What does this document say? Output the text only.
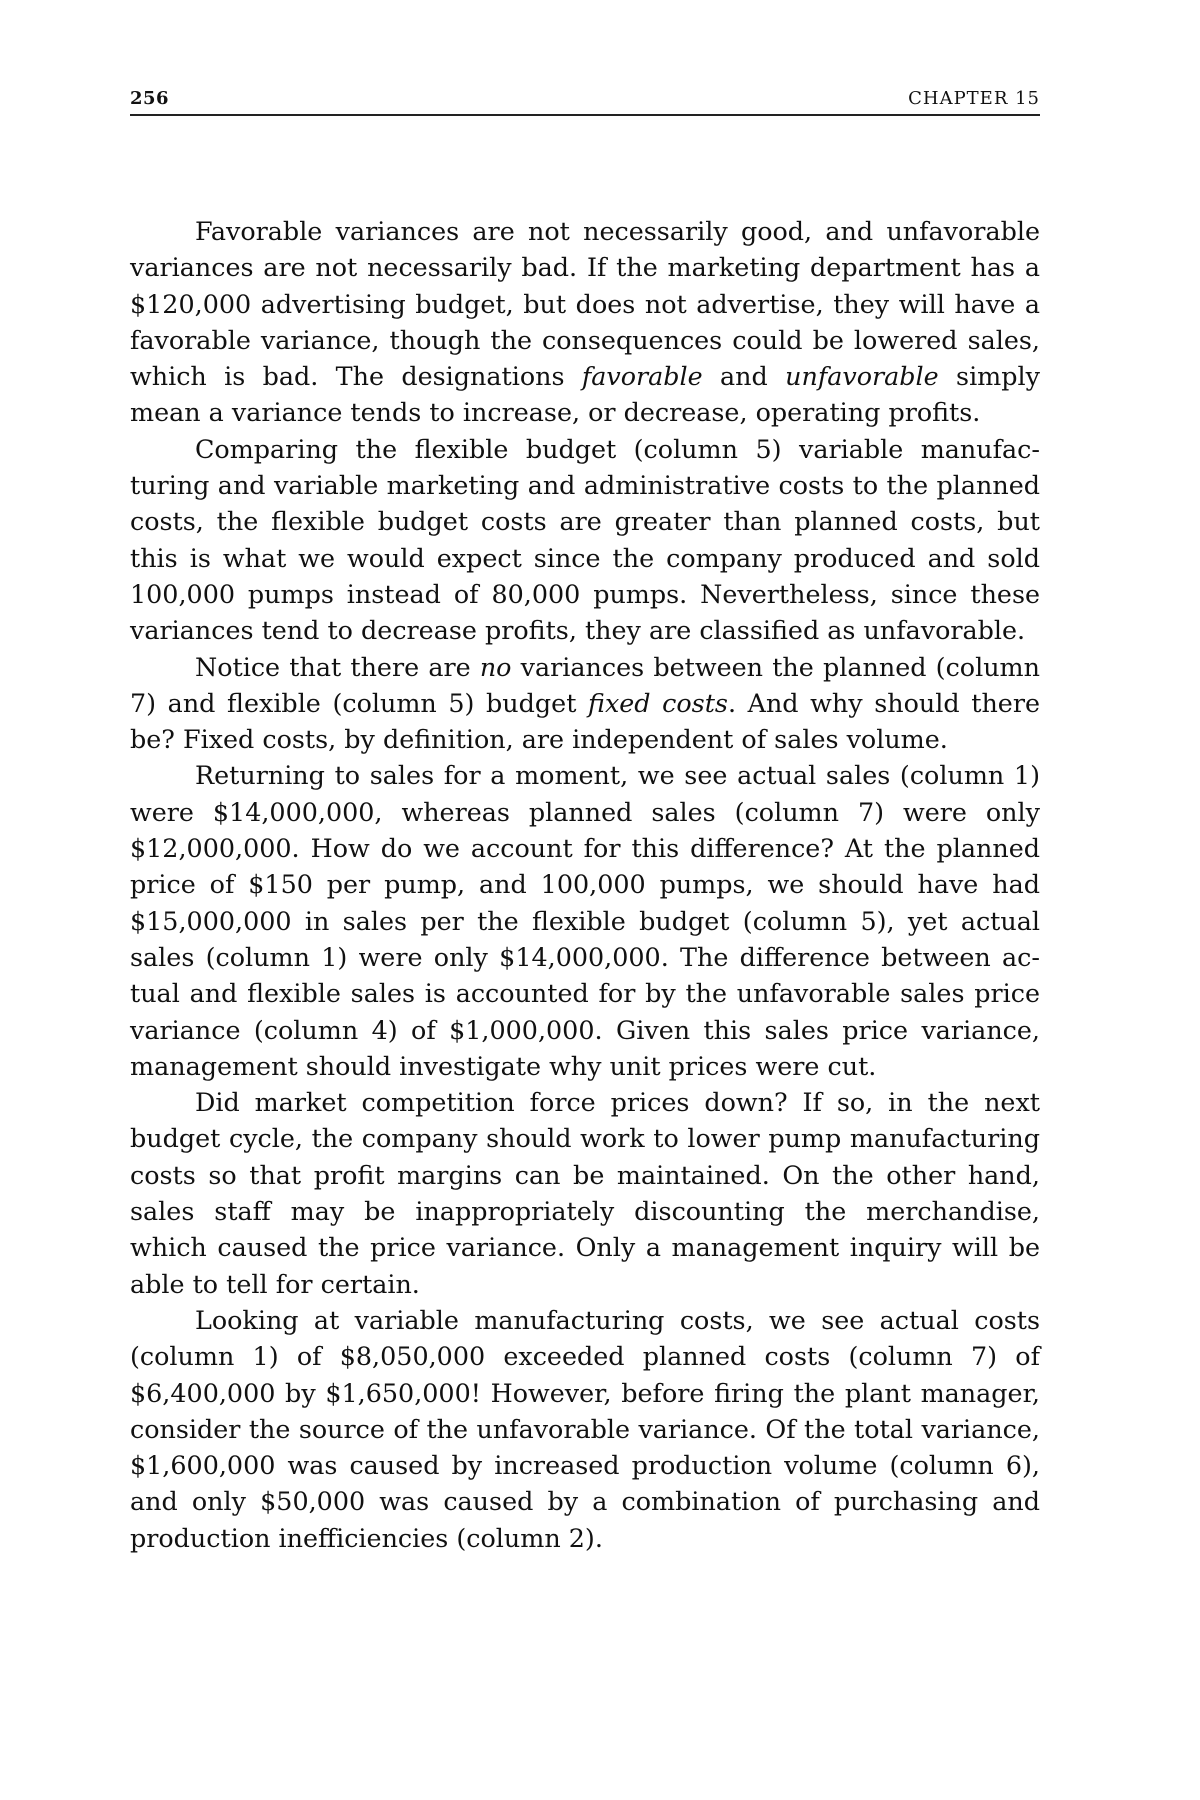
256	CHAPTER 15

Favorable variances are not necessarily good, and unfavorable variances are not necessarily bad. If the marketing department has a $120,000 advertising budget, but does not advertise, they will have a favorable variance, though the consequences could be lowered sales, which is bad. The designations favorable and unfavorable simply mean a variance tends to increase, or decrease, operating profits.

Comparing the flexible budget (column 5) variable manufacturing and variable marketing and administrative costs to the planned costs, the flexible budget costs are greater than planned costs, but this is what we would expect since the company produced and sold 100,000 pumps instead of 80,000 pumps. Nevertheless, since these variances tend to decrease profits, they are classified as unfavorable.

Notice that there are no variances between the planned (column 7) and flexible (column 5) budget fixed costs. And why should there be? Fixed costs, by definition, are independent of sales volume.

Returning to sales for a moment, we see actual sales (column 1) were $14,000,000, whereas planned sales (column 7) were only $12,000,000. How do we account for this difference? At the planned price of $150 per pump, and 100,000 pumps, we should have had $15,000,000 in sales per the flexible budget (column 5), yet actual sales (column 1) were only $14,000,000. The difference between actual and flexible sales is accounted for by the unfavorable sales price variance (column 4) of $1,000,000. Given this sales price variance, management should investigate why unit prices were cut.

Did market competition force prices down? If so, in the next budget cycle, the company should work to lower pump manufacturing costs so that profit margins can be maintained. On the other hand, sales staff may be inappropriately discounting the merchandise, which caused the price variance. Only a management inquiry will be able to tell for certain.

Looking at variable manufacturing costs, we see actual costs (column 1) of $8,050,000 exceeded planned costs (column 7) of $6,400,000 by $1,650,000! However, before firing the plant manager, consider the source of the unfavorable variance. Of the total variance, $1,600,000 was caused by increased production volume (column 6), and only $50,000 was caused by a combination of purchasing and production inefficiencies (column 2).
